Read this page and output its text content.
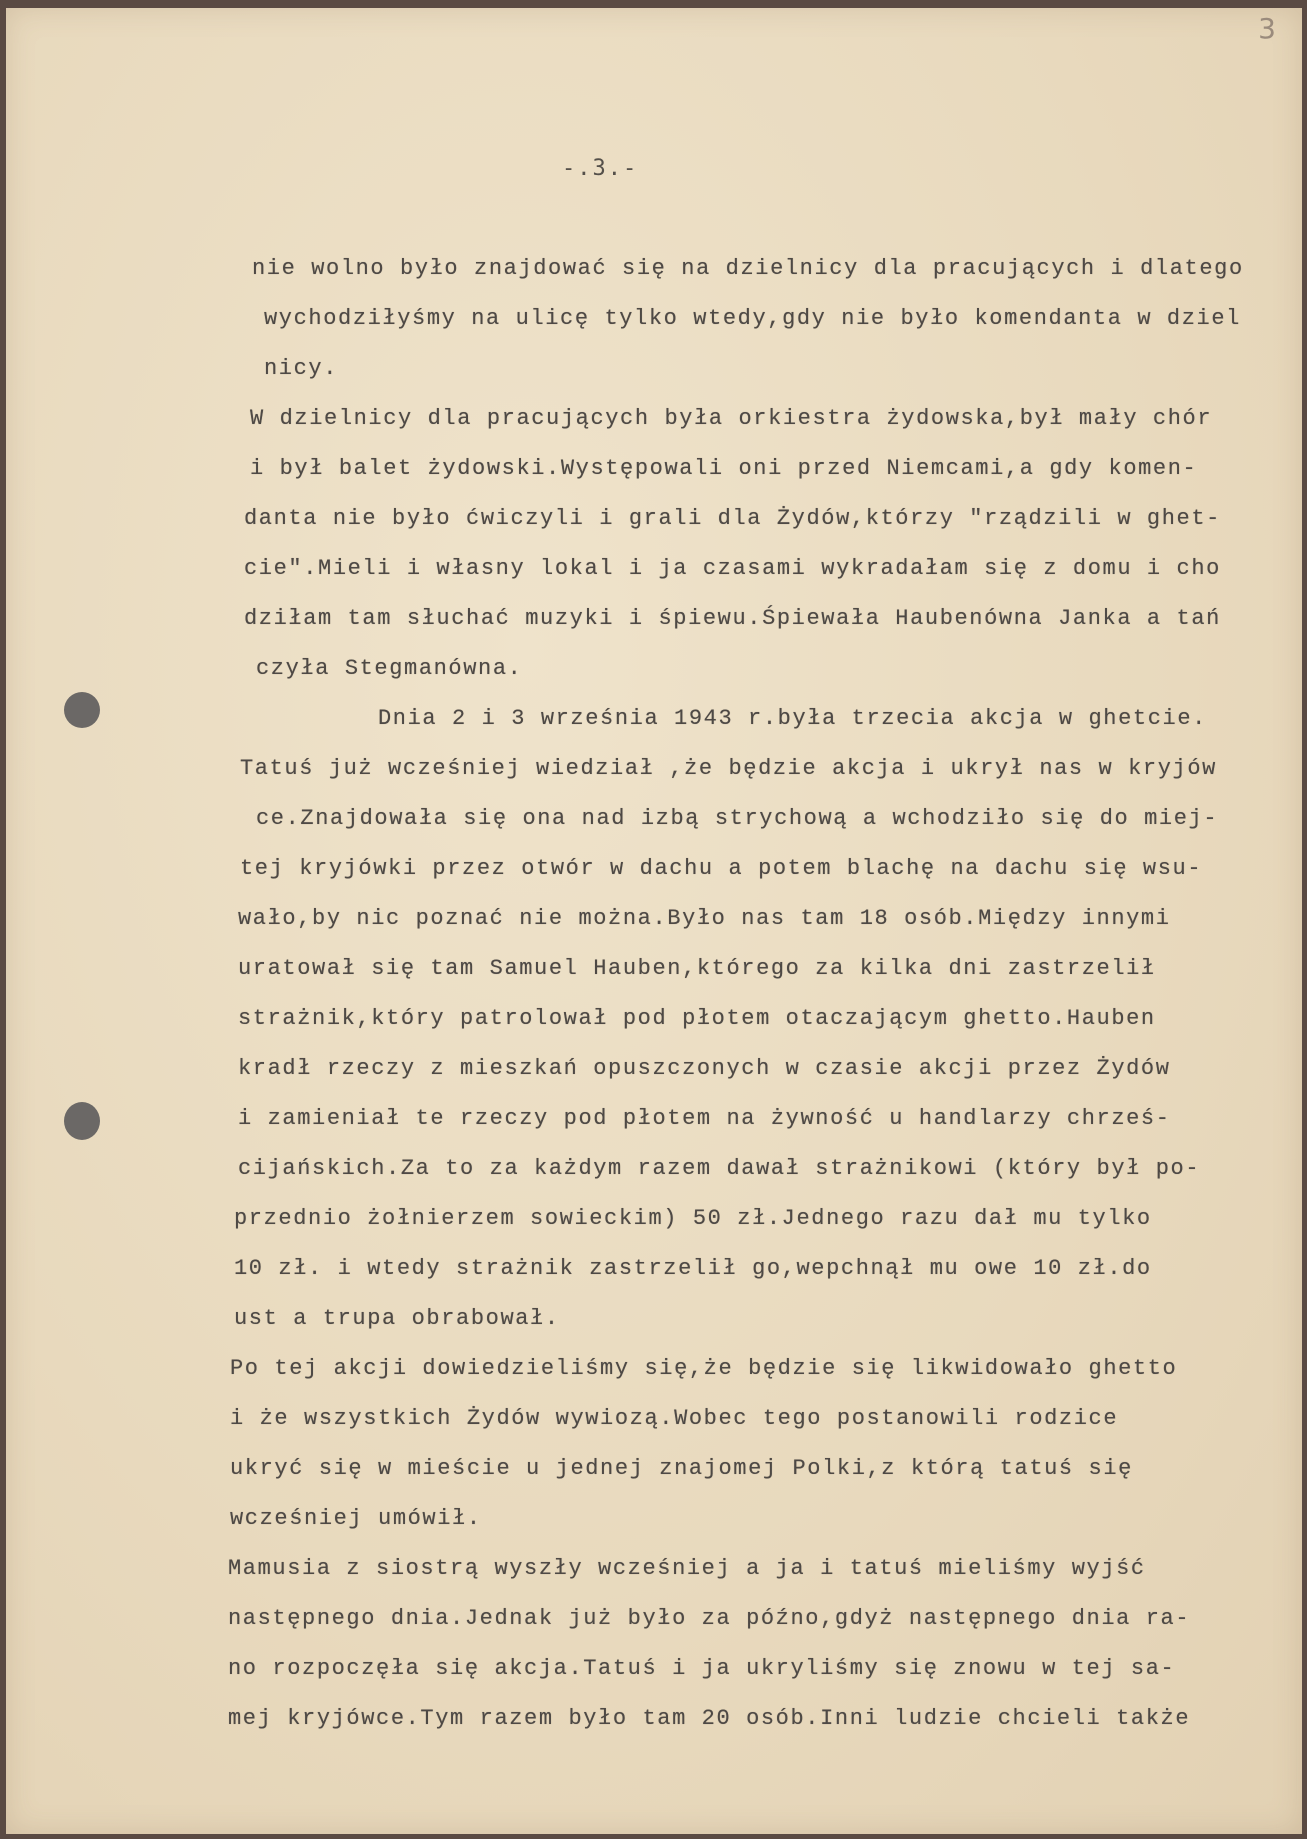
3
-.3.-
nie wolno było znajdować się na dzielnicy dla pracujących i dlatego
wychodziłyśmy na ulicę tylko wtedy,gdy nie było komendanta w dziel
nicy.
W dzielnicy dla pracujących była orkiestra żydowska,był mały chór
i był balet żydowski.Występowali oni przed Niemcami,a gdy komen-
danta nie było ćwiczyli i grali dla Żydów,którzy "rządzili w ghet-
cie".Mieli i własny lokal i ja czasami wykradałam się z domu i cho
dziłam tam słuchać muzyki i śpiewu.Śpiewała Haubenówna Janka a tań
czyła Stegmanówna.
Dnia 2 i 3 września 1943 r.była trzecia akcja w ghetcie.
Tatuś już wcześniej wiedział ,że będzie akcja i ukrył nas w kryjów
ce.Znajdowała się ona nad izbą strychową a wchodziło się do miej-
tej kryjówki przez otwór w dachu a potem blachę na dachu się wsu-
wało,by nic poznać nie można.Było nas tam 18 osób.Między innymi
uratował się tam Samuel Hauben,którego za kilka dni zastrzelił
strażnik,który patrolował pod płotem otaczającym ghetto.Hauben
kradł rzeczy z mieszkań opuszczonych w czasie akcji przez Żydów
i zamieniał te rzeczy pod płotem na żywność u handlarzy chrześ-
cijańskich.Za to za każdym razem dawał strażnikowi (który był po-
przednio żołnierzem sowieckim) 50 zł.Jednego razu dał mu tylko
10 zł. i wtedy strażnik zastrzelił go,wepchnął mu owe 10 zł.do
ust a trupa obrabował.
Po tej akcji dowiedzieliśmy się,że będzie się likwidowało ghetto
i że wszystkich Żydów wywiozą.Wobec tego postanowili rodzice
ukryć się w mieście u jednej znajomej Polki,z którą tatuś się
wcześniej umówił.
Mamusia z siostrą wyszły wcześniej a ja i tatuś mieliśmy wyjść
następnego dnia.Jednak już było za późno,gdyż następnego dnia ra-
no rozpoczęła się akcja.Tatuś i ja ukryliśmy się znowu w tej sa-
mej kryjówce.Tym razem było tam 20 osób.Inni ludzie chcieli także
